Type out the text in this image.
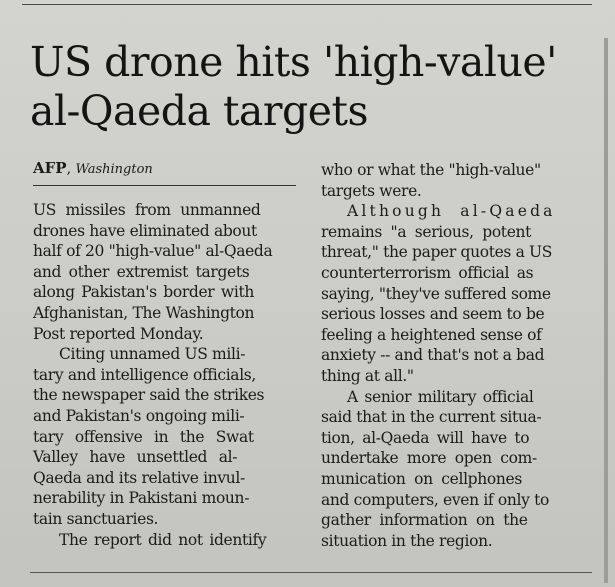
US drone hits 'high-value'
al-Qaeda targets
AFP, Washington
US missiles from unmanned
drones have eliminated about
half of 20 "high-value" al-Qaeda
and other extremist targets
along Pakistan's border with
Afghanistan, The Washington
Post reported Monday.
Citing unnamed US mili-
tary and intelligence officials,
the newspaper said the strikes
and Pakistan's ongoing mili-
tary offensive in the Swat
Valley have unsettled al-
Qaeda and its relative invul-
nerability in Pakistani moun-
tain sanctuaries.
The report did not identify
who or what the "high-value"
targets were.
Although al-Qaeda
remains "a serious, potent
threat," the paper quotes a US
counterterrorism official as
saying, "they've suffered some
serious losses and seem to be
feeling a heightened sense of
anxiety -- and that's not a bad
thing at all."
A senior military official
said that in the current situa-
tion, al-Qaeda will have to
undertake more open com-
munication on cellphones
and computers, even if only to
gather information on the
situation in the region.
